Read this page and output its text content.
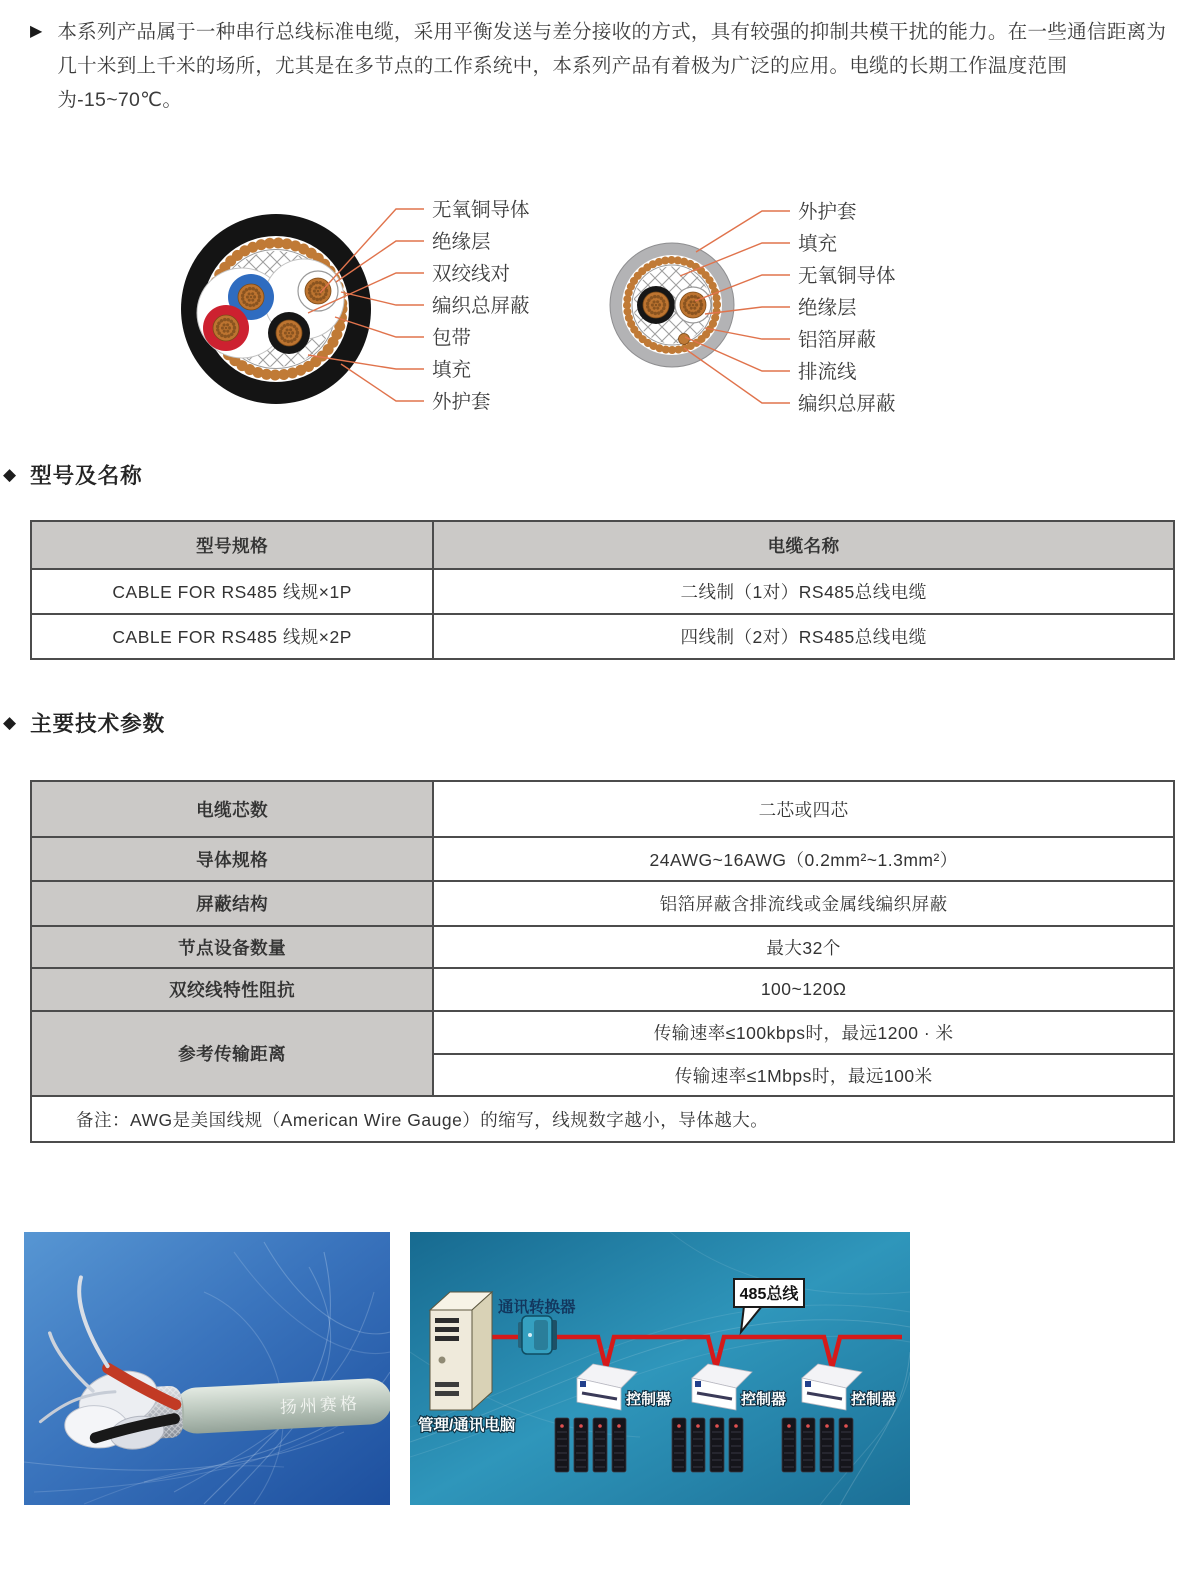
▶ 本系列产品属于一种串行总线标准电缆，采用平衡发送与差分接收的方式，具有较强的抑制共模干扰的能力。在一些通信距离为几十米到上千米的场所，尤其是在多节点的工作系统中，本系列产品有着极为广泛的应用。电缆的长期工作温度范围为-15~70℃。

无氧铜导体
绝缘层
双绞线对
编织总屏蔽
包带
填充
外护套
外护套
填充
无氧铜导体
绝缘层
铝箔屏蔽
排流线
编织总屏蔽
◆ 型号及名称
型号规格	电缆名称
CABLE FOR RS485 线规×1P	二线制（1对）RS485总线电缆
CABLE FOR RS485 线规×2P	四线制（2对）RS485总线电缆
◆ 主要技术参数
电缆芯数	二芯或四芯
导体规格	24AWG~16AWG（0.2mm²~1.3mm²）
屏蔽结构	铝箔屏蔽含排流线或金属线编织屏蔽
节点设备数量	最大32个
双绞线特性阻抗	100~120Ω
参考传输距离	传输速率≤100kbps时，最远1200 · 米
	传输速率≤1Mbps时，最远100米
备注：AWG是美国线规（American Wire Gauge）的缩写，线规数字越小，导体越大。	
扬州赛格
管理/通讯电脑
通讯转换器
485总线
控制器	控制器	控制器
